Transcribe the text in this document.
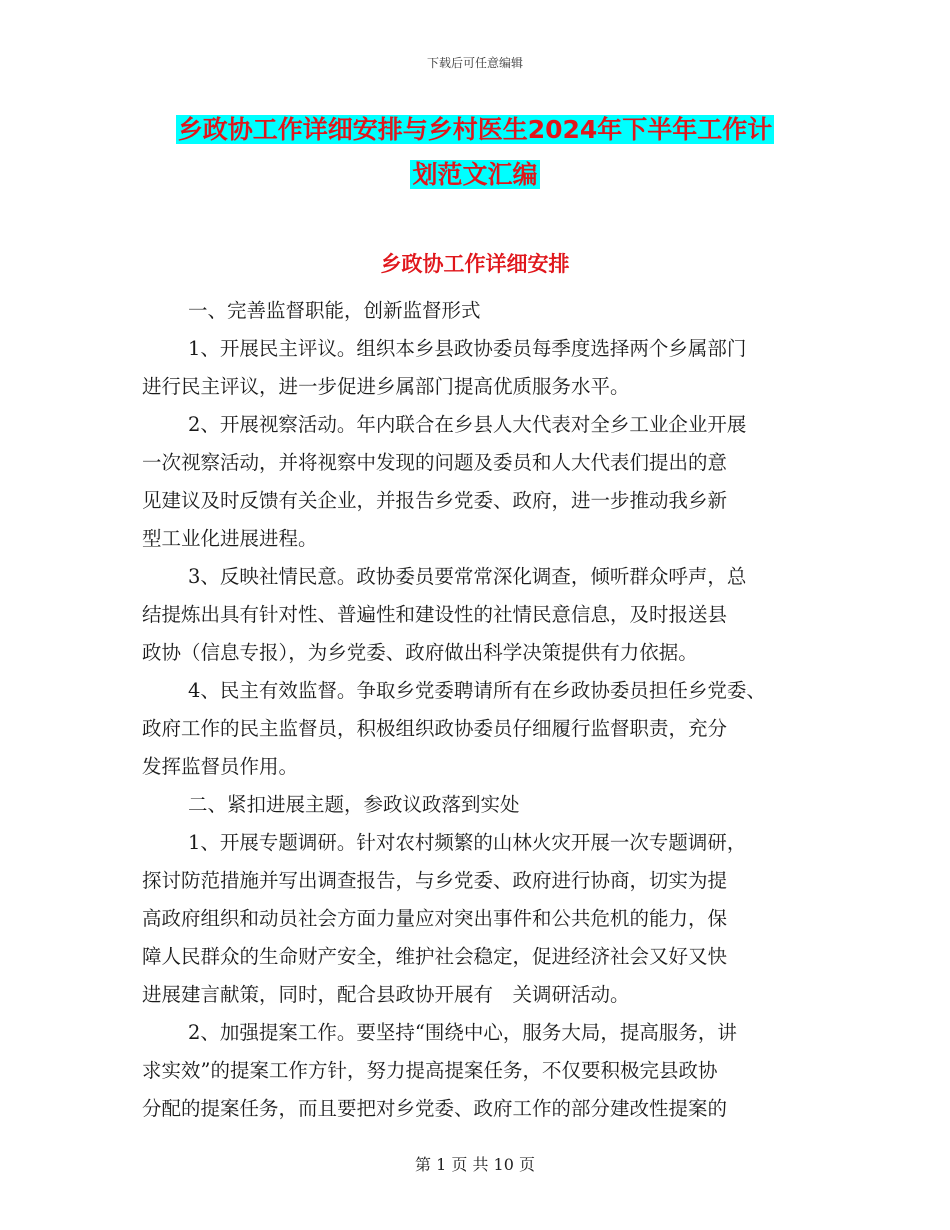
下载后可任意编辑
乡政协工作详细安排与乡村医生2024年下半年工作计
划范文汇编
乡政协工作详细安排
一、完善监督职能，创新监督形式
1、开展民主评议。组织本乡县政协委员每季度选择两个乡属部门
进行民主评议，进一步促进乡属部门提高优质服务水平。
2、开展视察活动。年内联合在乡县人大代表对全乡工业企业开展
一次视察活动，并将视察中发现的问题及委员和人大代表们提出的意
见建议及时反馈有关企业，并报告乡党委、政府，进一步推动我乡新
型工业化进展进程。
3、反映社情民意。政协委员要常常深化调查，倾听群众呼声，总
结提炼出具有针对性、普遍性和建设性的社情民意信息，及时报送县
政协（信息专报），为乡党委、政府做出科学决策提供有力依据。
4、民主有效监督。争取乡党委聘请所有在乡政协委员担任乡党委、
政府工作的民主监督员，积极组织政协委员仔细履行监督职责，充分
发挥监督员作用。
二、紧扣进展主题，参政议政落到实处
1、开展专题调研。针对农村频繁的山林火灾开展一次专题调研，
探讨防范措施并写出调查报告，与乡党委、政府进行协商，切实为提
高政府组织和动员社会方面力量应对突出事件和公共危机的能力，保
障人民群众的生命财产安全，维护社会稳定，促进经济社会又好又快
进展建言献策，同时，配合县政协开展有　关调研活动。
2、加强提案工作。要坚持“围绕中心，服务大局，提高服务，讲
求实效”的提案工作方针，努力提高提案任务，不仅要积极完县政协
分配的提案任务，而且要把对乡党委、政府工作的部分建改性提案的
第 1 页 共 10 页
